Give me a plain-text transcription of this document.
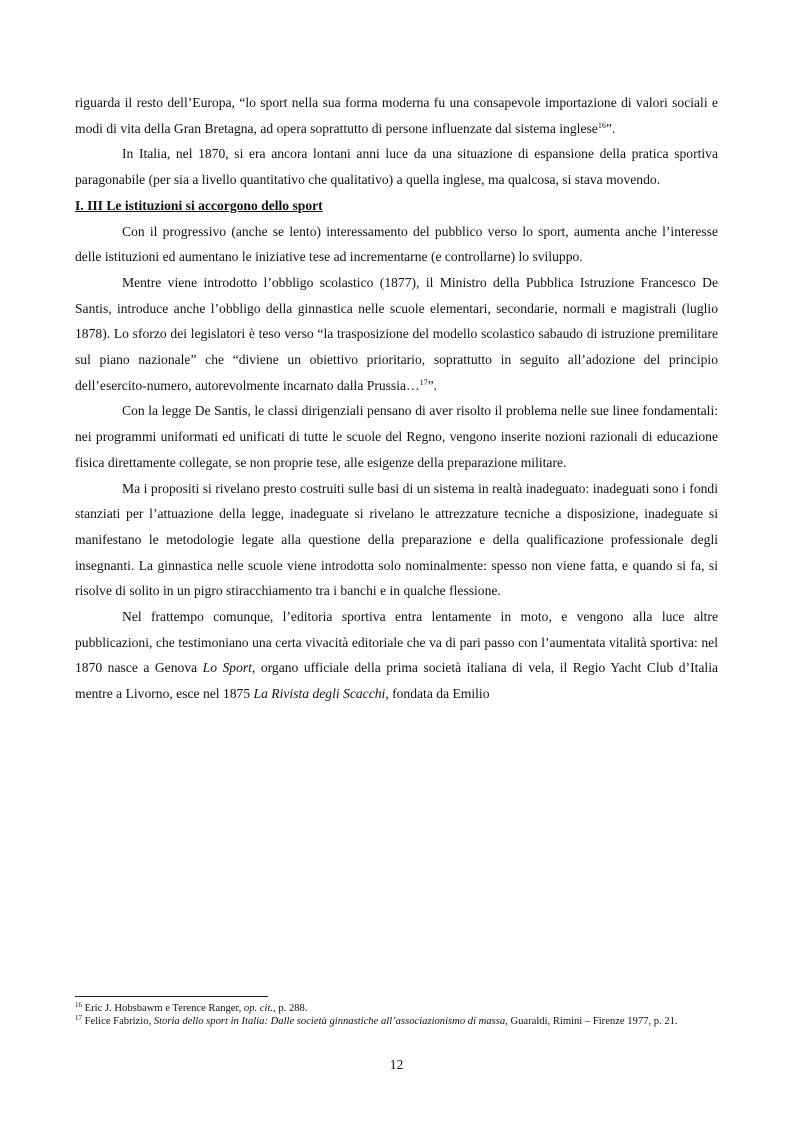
riguarda il resto dell’Europa, “lo sport nella sua forma moderna fu una consapevole importazione di valori sociali e modi di vita della Gran Bretagna, ad opera soprattutto di persone influenzate dal sistema inglese$^{16}$”.

In Italia, nel 1870, si era ancora lontani anni luce da una situazione di espansione della pratica sportiva paragonabile (per sia a livello quantitativo che qualitativo) a quella inglese, ma qualcosa, si stava movendo.

I. III Le istituzioni si accorgono dello sport

Con il progressivo (anche se lento) interessamento del pubblico verso lo sport, aumenta anche l’interesse delle istituzioni ed aumentano le iniziative tese ad incrementarne (e controllarne) lo sviluppo.

Mentre viene introdotto l’obbligo scolastico (1877), il Ministro della Pubblica Istruzione Francesco De Santis, introduce anche l’obbligo della ginnastica nelle scuole elementari, secondarie, normali e magistrali (luglio 1878). Lo sforzo dei legislatori è teso verso “la trasposizione del modello scolastico sabaudo di istruzione premilitare sul piano nazionale” che “diviene un obiettivo prioritario, soprattutto in seguito all’adozione del principio dell’esercito-numero, autorevolmente incarnato dalla Prussia…$^{17}$”.

Con la legge De Santis, le classi dirigenziali pensano di aver risolto il problema nelle sue linee fondamentali: nei programmi uniformati ed unificati di tutte le scuole del Regno, vengono inserite nozioni razionali di educazione fisica direttamente collegate, se non proprie tese, alle esigenze della preparazione militare.

Ma i propositi si rivelano presto costruiti sulle basi di un sistema in realtà inadeguato: inadeguati sono i fondi stanziati per l’attuazione della legge, inadeguate si rivelano le attrezzature tecniche a disposizione, inadeguate si manifestano le metodologie legate alla questione della preparazione e della qualificazione professionale degli insegnanti. La ginnastica nelle scuole viene introdotta solo nominalmente: spesso non viene fatta, e quando si fa, si risolve di solito in un pigro stiracchiamento tra i banchi e in qualche flessione.

Nel frattempo comunque, l’editoria sportiva entra lentamente in moto, e vengono alla luce altre pubblicazioni, che testimoniano una certa vivacità editoriale che va di pari passo con l’aumentata vitalità sportiva: nel 1870 nasce a Genova Lo Sport, organo ufficiale della prima società italiana di vela, il Regio Yacht Club d’Italia mentre a Livorno, esce nel 1875 La Rivista degli Scacchi, fondata da Emilio

$^{16}$ Eric J. Hobsbawm e Terence Ranger, op. cit., p. 288.

$^{17}$ Felice Fabrizio, Storia dello sport in Italia: Dalle società ginnastiche all’associazionismo di massa, Guaraldi, Rimini – Firenze 1977, p. 21.

12
